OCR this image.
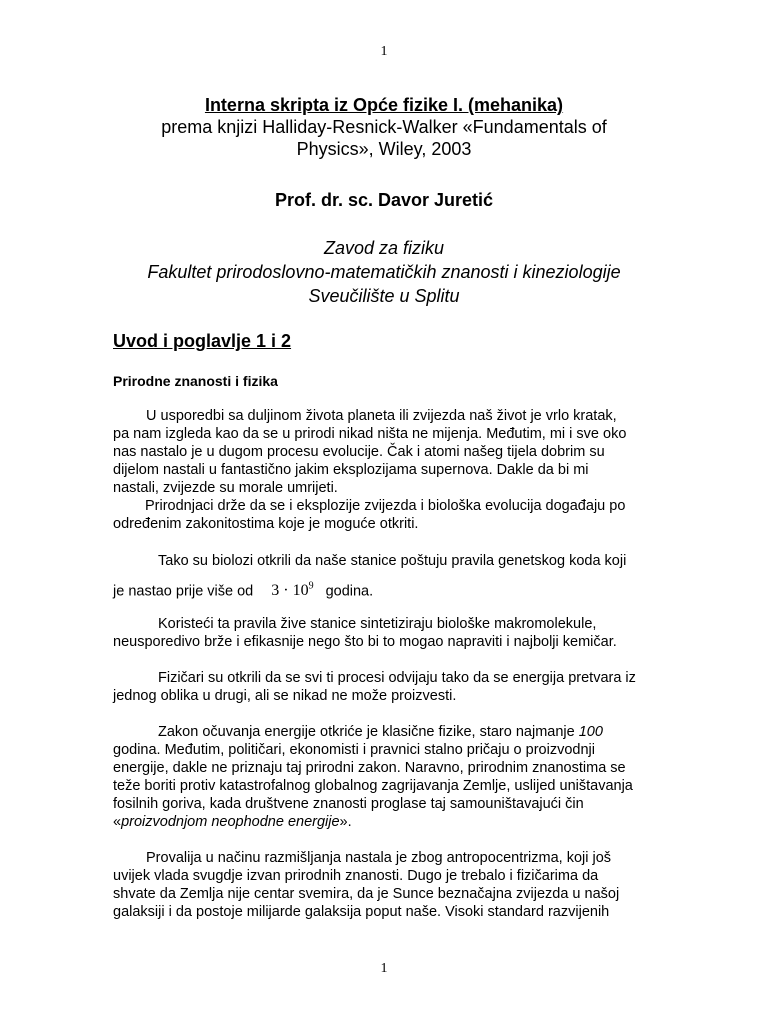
1

Interna skripta iz Opće fizike I. (mehanika)

prema knjizi Halliday-Resnick-Walker «Fundamentals of

Physics», Wiley, 2003

Prof. dr. sc. Davor Juretić
Zavod za fiziku
Fakultet prirodoslovno-matematičkih znanosti i kineziologije
Sveučilište u Splitu
Uvod i poglavlje 1 i 2
Prirodne znanosti i fizika
U usporedbi sa duljinom života planeta ili zvijezda naš život je vrlo kratak,
pa nam izgleda kao da se u prirodi nikad ništa ne mijenja. Međutim, mi i sve oko
nas nastalo je u dugom procesu evolucije. Čak i atomi našeg tijela dobrim su
dijelom nastali u fantastično jakim eksplozijama supernova. Dakle da bi mi
nastali, zvijezde su morale umrijeti.
Prirodnjaci drže da se i eksplozije zvijezda i biološka evolucija događaju po
određenim zakonitostima koje je moguće otkriti.
Tako su biolozi otkrili da naše stanice poštuju pravila genetskog koda koji
je nastao prije više od $3 \cdot 10^9$ godina.
Koristeći ta pravila žive stanice sintetiziraju biološke makromolekule,
neusporedivo brže i efikasnije nego što bi to mogao napraviti i najbolji kemičar.
Fizičari su otkrili da se svi ti procesi odvijaju tako da se energija pretvara iz
jednog oblika u drugi, ali se nikad ne može proizvesti.
Zakon očuvanja energije otkriće je klasične fizike, staro najmanje 100
godina. Međutim, političari, ekonomisti i pravnici stalno pričaju o proizvodnji
energije, dakle ne priznaju taj prirodni zakon. Naravno, prirodnim znanostima se
teže boriti protiv katastrofalnog globalnog zagrijavanja Zemlje, uslijed uništavanja
fosilnih goriva, kada društvene znanosti proglase taj samouništavajući čin
«proizvodnjom neophodne energije».
Provalija u načinu razmišljanja nastala je zbog antropocentrizma, koji još
uvijek vlada svugdje izvan prirodnih znanosti. Dugo je trebalo i fizičarima da
shvate da Zemlja nije centar svemira, da je Sunce beznačajna zvijezda u našoj
galaksiji i da postoje milijarde galaksija poput naše. Visoki standard razvijenih
1
